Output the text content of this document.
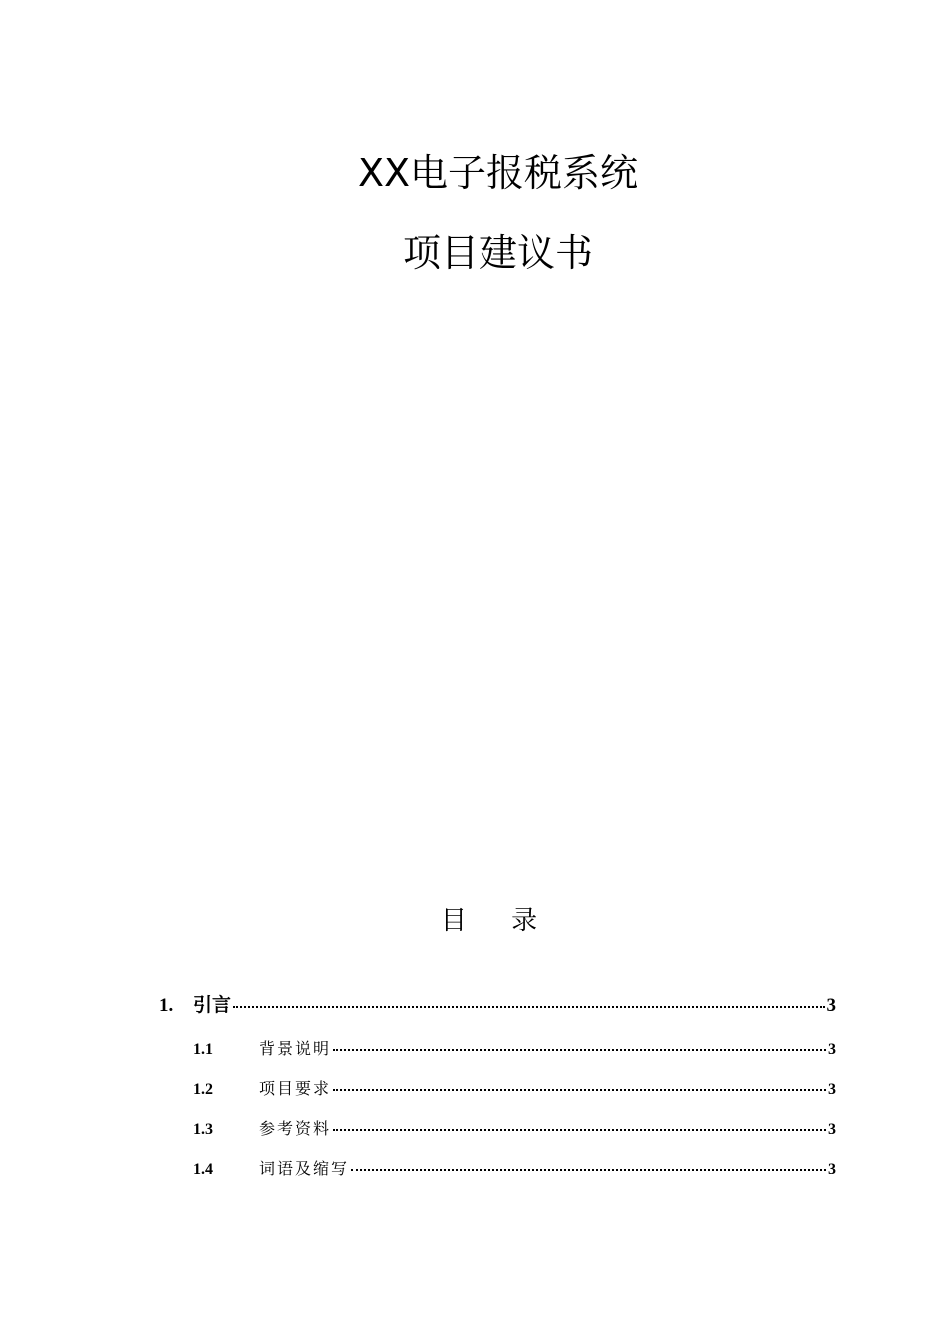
XX电子报税系统
项目建议书
目 录
1.	引言	3
1.1	背景说明	3
1.2	项目要求	3
1.3	参考资料	3
1.4	词语及缩写	3
